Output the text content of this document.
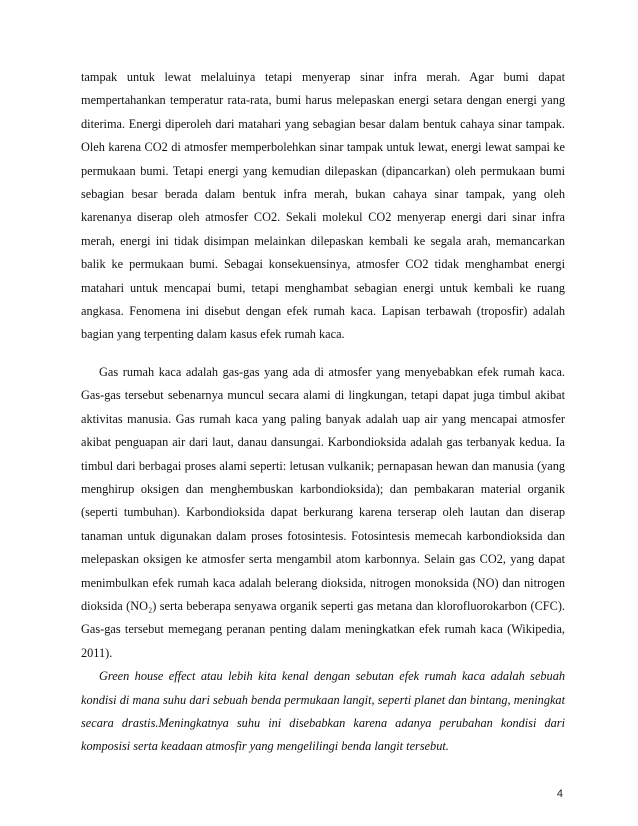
tampak untuk lewat melaluinya tetapi menyerap sinar infra merah. Agar bumi dapat mempertahankan temperatur rata-rata, bumi harus melepaskan energi setara dengan energi yang diterima. Energi diperoleh dari matahari yang sebagian besar dalam bentuk cahaya sinar tampak. Oleh karena CO2 di atmosfer memperbolehkan sinar tampak untuk lewat, energi lewat sampai ke permukaan bumi. Tetapi energi yang kemudian dilepaskan (dipancarkan) oleh permukaan bumi sebagian besar berada dalam bentuk infra merah, bukan cahaya sinar tampak, yang oleh karenanya diserap oleh atmosfer CO2. Sekali molekul CO2 menyerap energi dari sinar infra merah, energi ini tidak disimpan melainkan dilepaskan kembali ke segala arah, memancarkan balik ke permukaan bumi. Sebagai konsekuensinya, atmosfer CO2 tidak menghambat energi matahari untuk mencapai bumi, tetapi menghambat sebagian energi untuk kembali ke ruang angkasa. Fenomena ini disebut dengan efek rumah kaca. Lapisan terbawah (troposfir) adalah bagian yang terpenting dalam kasus efek rumah kaca.

Gas rumah kaca adalah gas-gas yang ada di atmosfer yang menyebabkan efek rumah kaca. Gas-gas tersebut sebenarnya muncul secara alami di lingkungan, tetapi dapat juga timbul akibat aktivitas manusia. Gas rumah kaca yang paling banyak adalah uap air yang mencapai atmosfer akibat penguapan air dari laut, danau dansungai. Karbondioksida adalah gas terbanyak kedua. Ia timbul dari berbagai proses alami seperti: letusan vulkanik; pernapasan hewan dan manusia (yang menghirup oksigen dan menghembuskan karbondioksida); dan pembakaran material organik (seperti tumbuhan). Karbondioksida dapat berkurang karena terserap oleh lautan dan diserap tanaman untuk digunakan dalam proses fotosintesis. Fotosintesis memecah karbondioksida dan melepaskan oksigen ke atmosfer serta mengambil atom karbonnya. Selain gas CO2, yang dapat menimbulkan efek rumah kaca adalah belerang dioksida, nitrogen monoksida (NO) dan nitrogen dioksida (NO₂) serta beberapa senyawa organik seperti gas metana dan klorofluorokarbon (CFC). Gas-gas tersebut memegang peranan penting dalam meningkatkan efek rumah kaca (Wikipedia, 2011).

Green house effect atau lebih kita kenal dengan sebutan efek rumah kaca adalah sebuah kondisi di mana suhu dari sebuah benda permukaan langit, seperti planet dan bintang, meningkat secara drastis.Meningkatnya suhu ini disebabkan karena adanya perubahan kondisi dari komposisi serta keadaan atmosfir yang mengelilingi benda langit tersebut.

4
